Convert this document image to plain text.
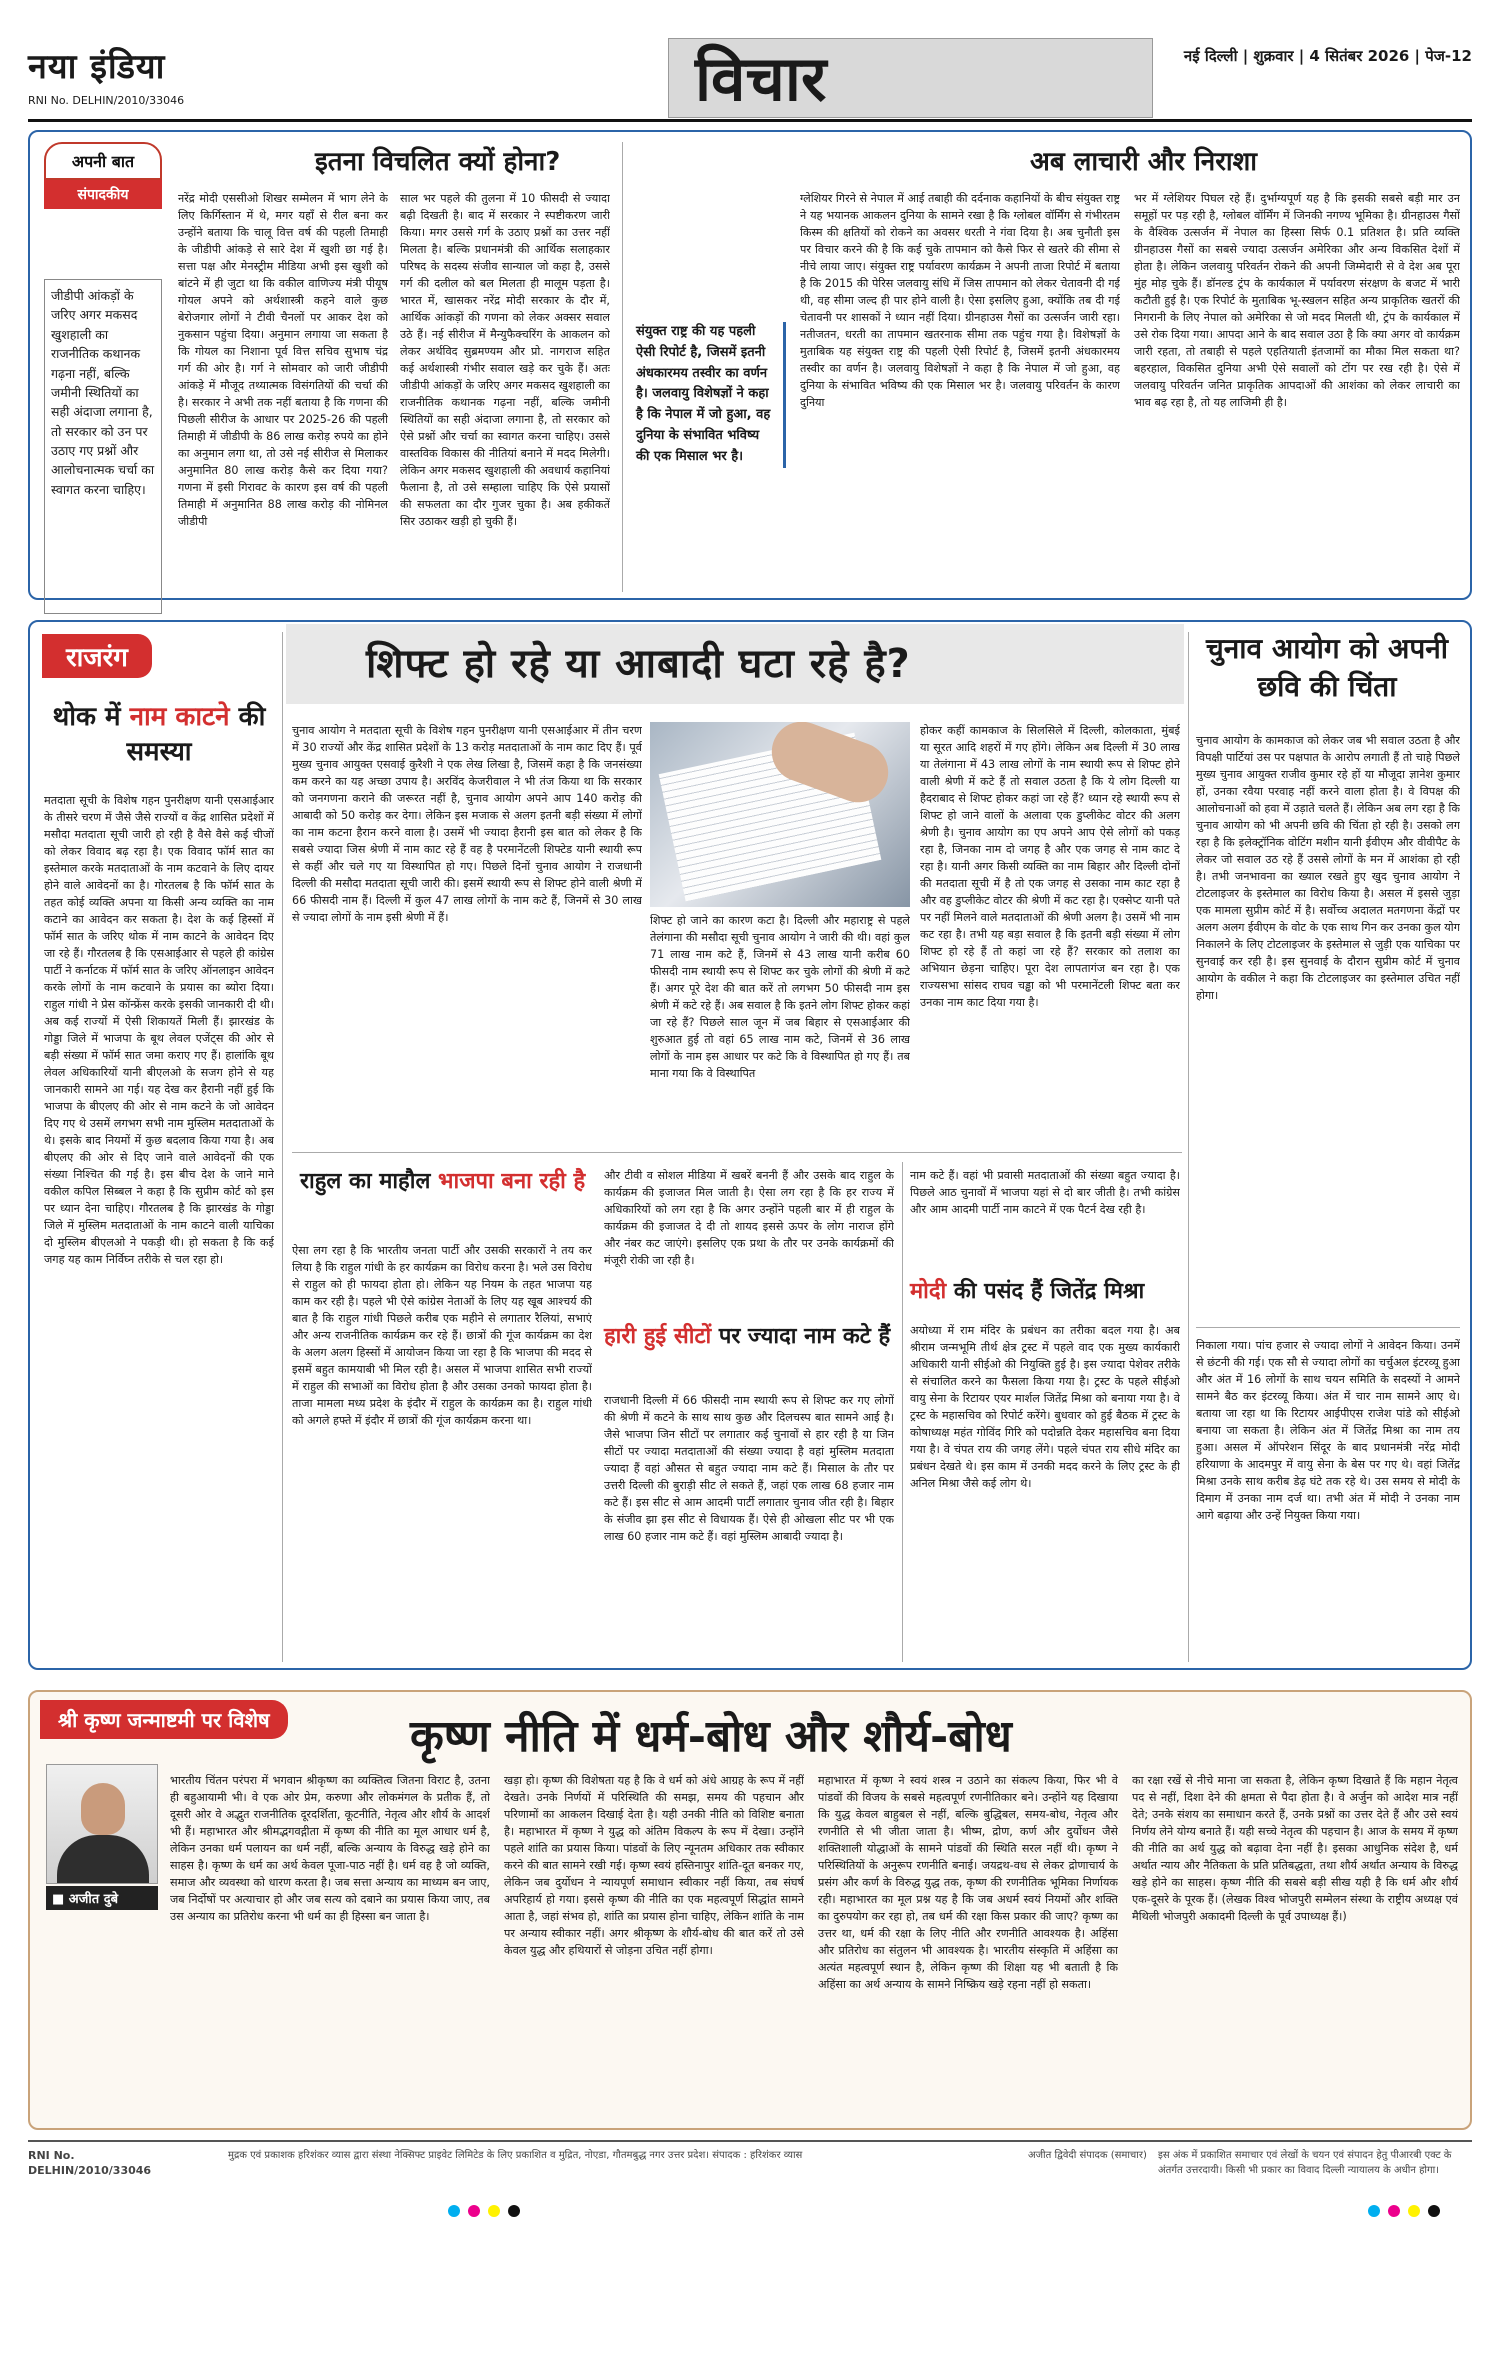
नया इंडिया
RNI No. DELHIN/2010/33046	विचार	नई दिल्ली | शुक्रवार | 4 सितंबर 2026 | पेज-12
अपनी बात
संपादकीय
जीडीपी आंकड़ों के जरिए अगर मकसद खुशहाली का राजनीतिक कथानक गढ़ना नहीं, बल्कि जमीनी स्थितियों का सही अंदाजा लगाना है, तो सरकार को उन पर उठाए गए प्रश्नों और आलोचनात्मक चर्चा का स्वागत करना चाहिए।
इतना विचलित क्यों होना?
नरेंद्र मोदी एससीओ शिखर सम्मेलन में भाग लेने के लिए किर्गिस्तान में थे, मगर यहाँ से रील बना कर उन्होंने बताया कि चालू वित्त वर्ष की पहली तिमाही के जीडीपी आंकड़े से सारे देश में खुशी छा गई है। सत्ता पक्ष और मेनस्ट्रीम मीडिया अभी इस खुशी को बांटने में ही जुटा था कि वकील वाणिज्य मंत्री पीयूष गोयल अपने को अर्थशास्त्री कहने वाले कुछ बेरोजगार लोगों ने टीवी चैनलों पर आकर देश को नुकसान पहुंचा दिया। अनुमान लगाया जा सकता है कि गोयल का निशाना पूर्व वित्त सचिव सुभाष चंद्र गर्ग की ओर है। गर्ग ने सोमवार को जारी जीडीपी आंकड़े में मौजूद तथ्यात्मक विसंगतियों की चर्चा की है। सरकार ने अभी तक नहीं बताया है कि गणना की पिछली सीरीज के आधार पर 2025-26 की पहली तिमाही में जीडीपी के 86 लाख करोड़ रुपये का होने का अनुमान लगा था, तो उसे नई सीरीज से मिलाकर अनुमानित 80 लाख करोड़ कैसे कर दिया गया? गणना में इसी गिरावट के कारण इस वर्ष की पहली तिमाही में अनुमानित 88 लाख करोड़ की नोमिनल जीडीपी
साल भर पहले की तुलना में 10 फीसदी से ज्यादा बढ़ी दिखती है। बाद में सरकार ने स्पष्टीकरण जारी किया। मगर उससे गर्ग के उठाए प्रश्नों का उत्तर नहीं मिलता है। बल्कि प्रधानमंत्री की आर्थिक सलाहकार परिषद के सदस्य संजीव सान्याल जो कहा है, उससे गर्ग की दलील को बल मिलता ही मालूम पड़ता है। भारत में, खासकर नरेंद्र मोदी सरकार के दौर में, आर्थिक आंकड़ों की गणना को लेकर अक्सर सवाल उठे हैं। नई सीरीज में मैन्युफैक्चरिंग के आकलन को लेकर अर्थविद सुब्रमण्यम और प्रो. नागराज सहित कई अर्थशास्त्री गंभीर सवाल खड़े कर चुके हैं। अतः जीडीपी आंकड़ों के जरिए अगर मकसद खुशहाली का राजनीतिक कथानक गढ़ना नहीं, बल्कि जमीनी स्थितियों का सही अंदाजा लगाना है, तो सरकार को ऐसे प्रश्नों और चर्चा का स्वागत करना चाहिए। उससे वास्तविक विकास की नीतियां बनाने में मदद मिलेगी। लेकिन अगर मकसद खुशहाली की अवधार्य कहानियां फैलाना है, तो उसे सम्हाला चाहिए कि ऐसे प्रयासों की सफलता का दौर गुजर चुका है। अब हकीकतें सिर उठाकर खड़ी हो चुकी हैं।
संयुक्त राष्ट्र की यह पहली ऐसी रिपोर्ट है, जिसमें इतनी अंधकारमय तस्वीर का वर्णन है। जलवायु विशेषज्ञों ने कहा है कि नेपाल में जो हुआ, वह दुनिया के संभावित भविष्य की एक मिसाल भर है।
अब लाचारी और निराशा
ग्लेशियर गिरने से नेपाल में आई तबाही की दर्दनाक कहानियों के बीच संयुक्त राष्ट्र ने यह भयानक आकलन दुनिया के सामने रखा है कि ग्लोबल वॉर्मिंग से गंभीरतम किस्म की क्षतियों को रोकने का अवसर धरती ने गंवा दिया है। अब चुनौती इस पर विचार करने की है कि कई चुके तापमान को कैसे फिर से खतरे की सीमा से नीचे लाया जाए। संयुक्त राष्ट्र पर्यावरण कार्यक्रम ने अपनी ताजा रिपोर्ट में बताया है कि 2015 की पेरिस जलवायु संधि में जिस तापमान को लेकर चेतावनी दी गई थी, वह सीमा जल्द ही पार होने वाली है। ऐसा इसलिए हुआ, क्योंकि तब दी गई चेतावनी पर शासकों ने ध्यान नहीं दिया। ग्रीनहाउस गैसों का उत्सर्जन जारी रहा। नतीजतन, धरती का तापमान खतरनाक सीमा तक पहुंच गया है। विशेषज्ञों के मुताबिक यह संयुक्त राष्ट्र की पहली ऐसी रिपोर्ट है, जिसमें इतनी अंधकारमय तस्वीर का वर्णन है। जलवायु विशेषज्ञों ने कहा है कि नेपाल में जो हुआ, वह दुनिया के संभावित भविष्य की एक मिसाल भर है। जलवायु परिवर्तन के कारण दुनिया
भर में ग्लेशियर पिघल रहे हैं। दुर्भाग्यपूर्ण यह है कि इसकी सबसे बड़ी मार उन समूहों पर पड़ रही है, ग्लोबल वॉर्मिंग में जिनकी नगण्य भूमिका है। ग्रीनहाउस गैसों के वैश्विक उत्सर्जन में नेपाल का हिस्सा सिर्फ 0.1 प्रतिशत है। प्रति व्यक्ति ग्रीनहाउस गैसों का सबसे ज्यादा उत्सर्जन अमेरिका और अन्य विकसित देशों में होता है। लेकिन जलवायु परिवर्तन रोकने की अपनी जिम्मेदारी से वे देश अब पूरा मुंह मोड़ चुके हैं। डॉनल्ड ट्रंप के कार्यकाल में पर्यावरण संरक्षण के बजट में भारी कटौती हुई है। एक रिपोर्ट के मुताबिक भू-स्खलन सहित अन्य प्राकृतिक खतरों की निगरानी के लिए नेपाल को अमेरिका से जो मदद मिलती थी, ट्रंप के कार्यकाल में उसे रोक दिया गया। आपदा आने के बाद सवाल उठा है कि क्या अगर वो कार्यक्रम जारी रहता, तो तबाही से पहले एहतियाती इंतजामों का मौका मिल सकता था? बहरहाल, विकसित दुनिया अभी ऐसे सवालों को टोंग पर रख रही है। ऐसे में जलवायु परिवर्तन जनित प्राकृतिक आपदाओं की आशंका को लेकर लाचारी का भाव बढ़ रहा है, तो यह लाजिमी ही है।
राजरंग
थोक में नाम काटने की समस्या
मतदाता सूची के विशेष गहन पुनरीक्षण यानी एसआईआर के तीसरे चरण में जैसे जैसे राज्यों व केंद्र शासित प्रदेशों में मसौदा मतदाता सूची जारी हो रही है वैसे वैसे कई चीजों को लेकर विवाद बढ़ रहा है। एक विवाद फॉर्म सात का इस्तेमाल करके मतदाताओं के नाम कटवाने के लिए दायर होने वाले आवेदनों का है। गोरतलब है कि फॉर्म सात के तहत कोई व्यक्ति अपना या किसी अन्य व्यक्ति का नाम कटाने का आवेदन कर सकता है। देश के कई हिस्सों में फॉर्म सात के जरिए थोक में नाम काटने के आवेदन दिए जा रहे हैं। गौरतलब है कि एसआईआर से पहले ही कांग्रेस पार्टी ने कर्नाटक में फॉर्म सात के जरिए ऑनलाइन आवेदन करके लोगों के नाम कटवाने के प्रयास का ब्योरा दिया। राहुल गांधी ने प्रेस कॉन्फ्रेंस करके इसकी जानकारी दी थी। अब कई राज्यों में ऐसी शिकायतें मिली हैं। झारखंड के गोड्डा जिले में भाजपा के बूथ लेवल एजेंट्स की ओर से बड़ी संख्या में फॉर्म सात जमा कराए गए हैं। हालांकि बूथ लेवल अधिकारियों यानी बीएलओ के सजग होने से यह जानकारी सामने आ गई। यह देख कर हैरानी नहीं हुई कि भाजपा के बीएलए की ओर से नाम कटने के जो आवेदन दिए गए थे उसमें लगभग सभी नाम मुस्लिम मतदाताओं के थे। इसके बाद नियमों में कुछ बदलाव किया गया है। अब बीएलए की ओर से दिए जाने वाले आवेदनों की एक संख्या निश्चित की गई है। इस बीच देश के जाने माने वकील कपिल सिब्बल ने कहा है कि सुप्रीम कोर्ट को इस पर ध्यान देना चाहिए। गौरतलब है कि झारखंड के गोड्डा जिले में मुस्लिम मतदाताओं के नाम काटने वाली याचिका दो मुस्लिम बीएलओ ने पकड़ी थी। हो सकता है कि कई जगह यह काम निर्विघ्न तरीके से चल रहा हो।
शिफ्ट हो रहे या आबादी घटा रहे है?
चुनाव आयोग ने मतदाता सूची के विशेष गहन पुनरीक्षण यानी एसआईआर में तीन चरण में 30 राज्यों और केंद्र शासित प्रदेशों के 13 करोड़ मतदाताओं के नाम काट दिए हैं। पूर्व मुख्य चुनाव आयुक्त एसवाई कुरैशी ने एक लेख लिखा है, जिसमें कहा है कि जनसंख्या कम करने का यह अच्छा उपाय है। अरविंद केजरीवाल ने भी तंज किया था कि सरकार को जनगणना कराने की जरूरत नहीं है, चुनाव आयोग अपने आप 140 करोड़ की आबादी को 50 करोड़ कर देगा। लेकिन इस मजाक से अलग इतनी बड़ी संख्या में लोगों का नाम कटना हैरान करने वाला है। उसमें भी ज्यादा हैरानी इस बात को लेकर है कि सबसे ज्यादा जिस श्रेणी में नाम काट रहे हैं वह है परमानेंटली शिफ्टेड यानी स्थायी रूप से कहीं और चले गए या विस्थापित हो गए। पिछले दिनों चुनाव आयोग ने राजधानी दिल्ली की मसौदा मतदाता सूची जारी की। इसमें स्थायी रूप से शिफ्ट होने वाली श्रेणी में 66 फीसदी नाम हैं। दिल्ली में कुल 47 लाख लोगों के नाम कटे हैं, जिनमें से 30 लाख से ज्यादा लोगों के नाम इसी श्रेणी में हैं।	शिफ्ट हो जाने का कारण कटा है। दिल्ली और महाराष्ट्र से पहले तेलंगाना की मसौदा सूची चुनाव आयोग ने जारी की थी। वहां कुल 71 लाख नाम कटे हैं, जिनमें से 43 लाख यानी करीब 60 फीसदी नाम स्थायी रूप से शिफ्ट कर चुके लोगों की श्रेणी में कटे हैं। अगर पूरे देश की बात करें तो लगभग 50 फीसदी नाम इस श्रेणी में कटे रहे हैं। अब सवाल है कि इतने लोग शिफ्ट होकर कहां जा रहे हैं? पिछले साल जून में जब बिहार से एसआईआर की शुरुआत हुई तो वहां 65 लाख नाम कटे, जिनमें से 36 लाख लोगों के नाम इस आधार पर कटे कि वे विस्थापित हो गए हैं। तब माना गया कि वे विस्थापित
होकर कहीं कामकाज के सिलसिले में दिल्ली, कोलकाता, मुंबई या सूरत आदि शहरों में गए होंगे। लेकिन अब दिल्ली में 30 लाख या तेलंगाना में 43 लाख लोगों के नाम स्थायी रूप से शिफ्ट होने वाली श्रेणी में कटे हैं तो सवाल उठता है कि ये लोग दिल्ली या हैदराबाद से शिफ्ट होकर कहां जा रहे हैं? ध्यान रहे स्थायी रूप से शिफ्ट हो जाने वालों के अलावा एक डुप्लीकेट वोटर की अलग श्रेणी है। चुनाव आयोग का एप अपने आप ऐसे लोगों को पकड़ रहा है, जिनका नाम दो जगह है और एक जगह से नाम काट दे रहा है। यानी अगर किसी व्यक्ति का नाम बिहार और दिल्ली दोनों की मतदाता सूची में है तो एक जगह से उसका नाम काट रहा है और वह डुप्लीकेट वोटर की श्रेणी में कट रहा है। एक्सेप्ट यानी पते पर नहीं मिलने वाले मतदाताओं की श्रेणी अलग है। उसमें भी नाम कट रहा है। तभी यह बड़ा सवाल है कि इतनी बड़ी संख्या में लोग शिफ्ट हो रहे हैं तो कहां जा रहे हैं? सरकार को तलाश का अभियान छेड़ना चाहिए। पूरा देश लापतागंज बन रहा है। एक राज्यसभा सांसद राघव चड्ढा को भी परमानेंटली शिफ्ट बता कर उनका नाम काट दिया गया है।
राहुल का माहौल भाजपा बना रही है
ऐसा लग रहा है कि भारतीय जनता पार्टी और उसकी सरकारों ने तय कर लिया है कि राहुल गांधी के हर कार्यक्रम का विरोध करना है। भले उस विरोध से राहुल को ही फायदा होता हो। लेकिन यह नियम के तहत भाजपा यह काम कर रही है। पहले भी ऐसे कांग्रेस नेताओं के लिए यह खूब आश्चर्य की बात है कि राहुल गांधी पिछले करीब एक महीने से लगातार रैलियां, सभाएं और अन्य राजनीतिक कार्यक्रम कर रहे हैं। छात्रों की गूंज कार्यक्रम का देश के अलग अलग हिस्सों में आयोजन किया जा रहा है कि भाजपा की मदद से इसमें बहुत कामयाबी भी मिल रही है। असल में भाजपा शासित सभी राज्यों में राहुल की सभाओं का विरोध होता है और उसका उनको फायदा होता है। ताजा मामला मध्य प्रदेश के इंदौर में राहुल के कार्यक्रम का है। राहुल गांधी को अगले हफ्ते में इंदौर में छात्रों की गूंज कार्यक्रम करना था।
और टीवी व सोशल मीडिया में खबरें बननी हैं और उसके बाद राहुल के कार्यक्रम की इजाजत मिल जाती है। ऐसा लग रहा है कि हर राज्य में अधिकारियों को लग रहा है कि अगर उन्होंने पहली बार में ही राहुल के कार्यक्रम की इजाजत दे दी तो शायद इससे ऊपर के लोग नाराज होंगे और नंबर कट जाएंगे। इसलिए एक प्रथा के तौर पर उनके कार्यक्रमों की मंजूरी रोकी जा रही है।
हारी हुई सीटों पर ज्यादा नाम कटे हैं
राजधानी दिल्ली में 66 फीसदी नाम स्थायी रूप से शिफ्ट कर गए लोगों की श्रेणी में कटने के साथ साथ कुछ और दिलचस्प बात सामने आई है। जैसे भाजपा जिन सीटों पर लगातार कई चुनावों से हार रही है या जिन सीटों पर ज्यादा मतदाताओं की संख्या ज्यादा है वहां मुस्लिम मतदाता ज्यादा हैं वहां औसत से बहुत ज्यादा नाम कटे हैं। मिसाल के तौर पर उत्तरी दिल्ली की बुराड़ी सीट ले सकते हैं, जहां एक लाख 68 हजार नाम कटे हैं। इस सीट से आम आदमी पार्टी लगातार चुनाव जीत रही है। बिहार के संजीव झा इस सीट से विधायक हैं। ऐसे ही ओखला सीट पर भी एक लाख 60 हजार नाम कटे हैं। वहां मुस्लिम आबादी ज्यादा है।
नाम कटे हैं। वहां भी प्रवासी मतदाताओं की संख्या बहुत ज्यादा है। पिछले आठ चुनावों में भाजपा यहां से दो बार जीती है। तभी कांग्रेस और आम आदमी पार्टी नाम काटने में एक पैटर्न देख रही है।
मोदी की पसंद हैं जितेंद्र मिश्रा
अयोध्या में राम मंदिर के प्रबंधन का तरीका बदल गया है। अब श्रीराम जन्मभूमि तीर्थ क्षेत्र ट्रस्ट में पहले वाद एक मुख्य कार्यकारी अधिकारी यानी सीईओ की नियुक्ति हुई है। इस ज्यादा पेशेवर तरीके से संचालित करने का फैसला किया गया है। ट्रस्ट के पहले सीईओ वायु सेना के रिटायर एयर मार्शल जितेंद्र मिश्रा को बनाया गया है। वे ट्रस्ट के महासचिव को रिपोर्ट करेंगे। बुधवार को हुई बैठक में ट्रस्ट के कोषाध्यक्ष महंत गोविंद गिरि को पदोन्नति देकर महासचिव बना दिया गया है। वे चंपत राय की जगह लेंगे। पहले चंपत राय सीधे मंदिर का प्रबंधन देखते थे। इस काम में उनकी मदद करने के लिए ट्रस्ट के ही अनिल मिश्रा जैसे कई लोग थे।
चुनाव आयोग को अपनी छवि की चिंता
चुनाव आयोग के कामकाज को लेकर जब भी सवाल उठता है और विपक्षी पार्टियां उस पर पक्षपात के आरोप लगाती हैं तो चाहे पिछले मुख्य चुनाव आयुक्त राजीव कुमार रहे हों या मौजूदा ज्ञानेश कुमार हों, उनका रवैया परवाह नहीं करने वाला होता है। वे विपक्ष की आलोचनाओं को हवा में उड़ाते चलते हैं। लेकिन अब लग रहा है कि चुनाव आयोग को भी अपनी छवि की चिंता हो रही है। उसको लग रहा है कि इलेक्ट्रॉनिक वोटिंग मशीन यानी ईवीएम और वीवीपैट के लेकर जो सवाल उठ रहे हैं उससे लोगों के मन में आशंका हो रही है। तभी जनभावना का ख्याल रखते हुए खुद चुनाव आयोग ने टोटलाइजर के इस्तेमाल का विरोध किया है। असल में इससे जुड़ा एक मामला सुप्रीम कोर्ट में है। सर्वोच्च अदालत मतगणना केंद्रों पर अलग अलग ईवीएम के वोट के एक साथ गिन कर उनका कुल योग निकालने के लिए टोटलाइजर के इस्तेमाल से जुड़ी एक याचिका पर सुनवाई कर रही है। इस सुनवाई के दौरान सुप्रीम कोर्ट में चुनाव आयोग के वकील ने कहा कि टोटलाइजर का इस्तेमाल उचित नहीं होगा।
निकाला गया। पांच हजार से ज्यादा लोगों ने आवेदन किया। उनमें से छंटनी की गई। एक सौ से ज्यादा लोगों का चर्चुअल इंटरव्यू हुआ और अंत में 16 लोगों के साथ चयन समिति के सदस्यों ने आमने सामने बैठ कर इंटरव्यू किया। अंत में चार नाम सामने आए थे। बताया जा रहा था कि रिटायर आईपीएस राजेश पांडे को सीईओ बनाया जा सकता है। लेकिन अंत में जितेंद्र मिश्रा का नाम तय हुआ। असल में ऑपरेशन सिंदूर के बाद प्रधानमंत्री नरेंद्र मोदी हरियाणा के आदमपुर में वायु सेना के बेस पर गए थे। वहां जितेंद्र मिश्रा उनके साथ करीब डेढ़ घंटे तक रहे थे। उस समय से मोदी के दिमाग में उनका नाम दर्ज था। तभी अंत में मोदी ने उनका नाम आगे बढ़ाया और उन्हें नियुक्त किया गया।
श्री कृष्ण जन्माष्टमी पर विशेष	कृष्ण नीति में धर्म-बोध और शौर्य-बोध
■ अजीत दुबे
भारतीय चिंतन परंपरा में भगवान श्रीकृष्ण का व्यक्तित्व जितना विराट है, उतना ही बहुआयामी भी। वे एक ओर प्रेम, करुणा और लोकमंगल के प्रतीक हैं, तो दूसरी ओर वे अद्भुत राजनीतिक दूरदर्शिता, कूटनीति, नेतृत्व और शौर्य के आदर्श भी हैं। महाभारत और श्रीमद्भगवद्गीता में कृष्ण की नीति का मूल आधार धर्म है, लेकिन उनका धर्म पलायन का धर्म नहीं, बल्कि अन्याय के विरुद्ध खड़े होने का साहस है। कृष्ण के धर्म का अर्थ केवल पूजा-पाठ नहीं है। धर्म वह है जो व्यक्ति, समाज और व्यवस्था को धारण करता है। जब सत्ता अन्याय का माध्यम बन जाए, जब निर्दोषों पर अत्याचार हो और जब सत्य को दबाने का प्रयास किया जाए, तब उस अन्याय का प्रतिरोध करना भी धर्म का ही हिस्सा बन जाता है।
खड़ा हो। कृष्ण की विशेषता यह है कि वे धर्म को अंधे आग्रह के रूप में नहीं देखते। उनके निर्णयों में परिस्थिति की समझ, समय की पहचान और परिणामों का आकलन दिखाई देता है। यही उनकी नीति को विशिष्ट बनाता है। महाभारत में कृष्ण ने युद्ध को अंतिम विकल्प के रूप में देखा। उन्होंने पहले शांति का प्रयास किया। पांडवों के लिए न्यूनतम अधिकार तक स्वीकार करने की बात सामने रखी गई। कृष्ण स्वयं हस्तिनापुर शांति-दूत बनकर गए, लेकिन जब दुर्योधन ने न्यायपूर्ण समाधान स्वीकार नहीं किया, तब संघर्ष अपरिहार्य हो गया। इससे कृष्ण की नीति का एक महत्वपूर्ण सिद्धांत सामने आता है, जहां संभव हो, शांति का प्रयास होना चाहिए, लेकिन शांति के नाम पर अन्याय स्वीकार नहीं। अगर श्रीकृष्ण के शौर्य-बोध की बात करें तो उसे केवल युद्ध और हथियारों से जोड़ना उचित नहीं होगा।
महाभारत में कृष्ण ने स्वयं शस्त्र न उठाने का संकल्प किया, फिर भी वे पांडवों की विजय के सबसे महत्वपूर्ण रणनीतिकार बने। उन्होंने यह दिखाया कि युद्ध केवल बाहुबल से नहीं, बल्कि बुद्धिबल, समय-बोध, नेतृत्व और रणनीति से भी जीता जाता है। भीष्म, द्रोण, कर्ण और दुर्योधन जैसे शक्तिशाली योद्धाओं के सामने पांडवों की स्थिति सरल नहीं थी। कृष्ण ने परिस्थितियों के अनुरूप रणनीति बनाई। जयद्रथ-वध से लेकर द्रोणाचार्य के प्रसंग और कर्ण के विरुद्ध युद्ध तक, कृष्ण की रणनीतिक भूमिका निर्णायक रही। महाभारत का मूल प्रश्न यह है कि जब अधर्म स्वयं नियमों और शक्ति का दुरुपयोग कर रहा हो, तब धर्म की रक्षा किस प्रकार की जाए? कृष्ण का उत्तर था, धर्म की रक्षा के लिए नीति और रणनीति आवश्यक है। अहिंसा और प्रतिरोध का संतुलन भी आवश्यक है। भारतीय संस्कृति में अहिंसा का अत्यंत महत्वपूर्ण स्थान है, लेकिन कृष्ण की शिक्षा यह भी बताती है कि अहिंसा का अर्थ अन्याय के सामने निष्क्रिय खड़े रहना नहीं हो सकता।
का रक्षा रखें से नीचे माना जा सकता है, लेकिन कृष्ण दिखाते हैं कि महान नेतृत्व पद से नहीं, दिशा देने की क्षमता से पैदा होता है। वे अर्जुन को आदेश मात्र नहीं देते; उनके संशय का समाधान करते हैं, उनके प्रश्नों का उत्तर देते हैं और उसे स्वयं निर्णय लेने योग्य बनाते हैं। यही सच्चे नेतृत्व की पहचान है। आज के समय में कृष्ण की नीति का अर्थ युद्ध को बढ़ावा देना नहीं है। इसका आधुनिक संदेश है, धर्म अर्थात न्याय और नैतिकता के प्रति प्रतिबद्धता, तथा शौर्य अर्थात अन्याय के विरुद्ध खड़े होने का साहस। कृष्ण नीति की सबसे बड़ी सीख यही है कि धर्म और शौर्य एक-दूसरे के पूरक हैं। (लेखक विश्व भोजपुरी सम्मेलन संस्था के राष्ट्रीय अध्यक्ष एवं मैथिली भोजपुरी अकादमी दिल्ली के पूर्व उपाध्यक्ष हैं।)
RNI No. DELHIN/2010/33046
मुद्रक एवं प्रकाशक हरिशंकर व्यास द्वारा संस्था नेक्सिफ्ट प्राइवेट लिमिटेड के लिए प्रकाशित व मुद्रित, नोएडा, गौतमबुद्ध नगर उत्तर प्रदेश। संपादक : हरिशंकर व्यास	अजीत द्विवेदी संपादक (समाचार) इस अंक में प्रकाशित समाचार एवं लेखों के चयन एवं संपादन हेतु पीआरबी एक्ट के अंतर्गत उत्तरदायी। किसी भी प्रकार का विवाद दिल्ली न्यायालय के अधीन होगा।
